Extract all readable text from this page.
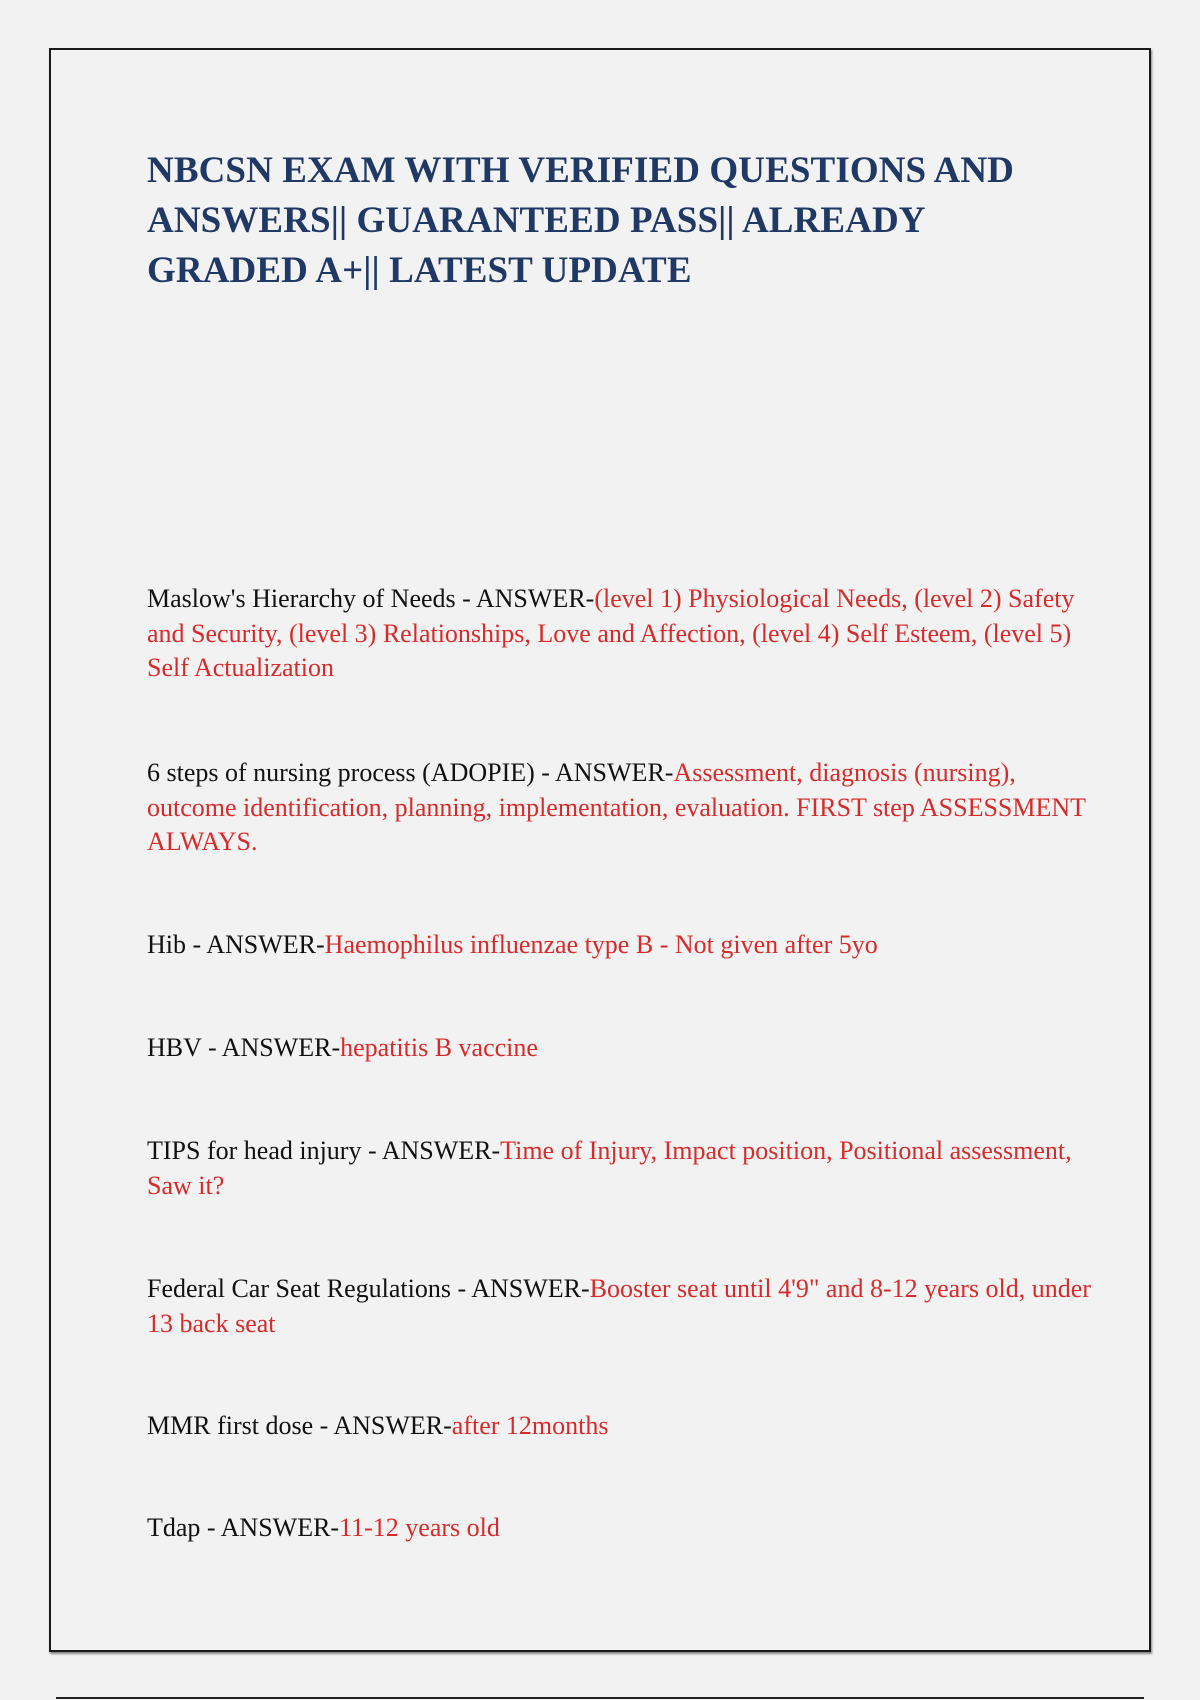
NBCSN EXAM WITH VERIFIED QUESTIONS AND ANSWERS|| GUARANTEED PASS|| ALREADY GRADED A+|| LATEST UPDATE

Maslow's Hierarchy of Needs - ANSWER-(level 1) Physiological Needs, (level 2) Safety and Security, (level 3) Relationships, Love and Affection, (level 4) Self Esteem, (level 5) Self Actualization

6 steps of nursing process (ADOPIE) - ANSWER-Assessment, diagnosis (nursing), outcome identification, planning, implementation, evaluation. FIRST step ASSESSMENT ALWAYS.

Hib - ANSWER-Haemophilus influenzae type B - Not given after 5yo

HBV - ANSWER-hepatitis B vaccine

TIPS for head injury - ANSWER-Time of Injury, Impact position, Positional assessment, Saw it?

Federal Car Seat Regulations - ANSWER-Booster seat until 4'9" and 8-12 years old, under 13 back seat

MMR first dose - ANSWER-after 12months

Tdap - ANSWER-11-12 years old
